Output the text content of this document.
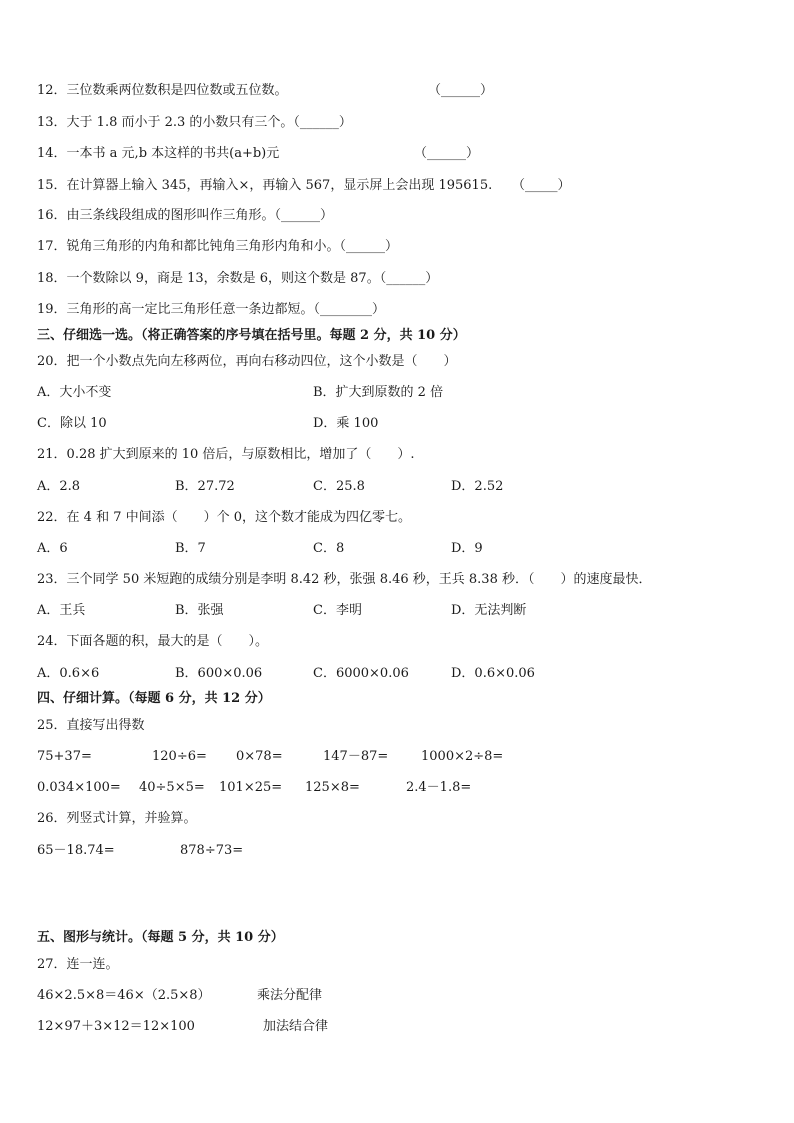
12．三位数乘两位数积是四位数或五位数。	（______）
13．大于 1.8 而小于 2.3 的小数只有三个。（______）
14．一本书 a 元,b 本这样的书共(a+b)元	（______）
15．在计算器上输入 345，再输入×，再输入 567，显示屏上会出现 195615. （_____）
16．由三条线段组成的图形叫作三角形。（______）
17．锐角三角形的内角和都比钝角三角形内角和小。（______）
18．一个数除以 9，商是 13，余数是 6，则这个数是 87。（______）
19．三角形的高一定比三角形任意一条边都短。（________）
三、仔细选一选。（将正确答案的序号填在括号里。每题 2 分，共 10 分）
20．把一个小数点先向左移两位，再向右移动四位，这个小数是（　　）
A．大小不变	B．扩大到原数的 2 倍
C．除以 10	D．乘 100
21．0.28 扩大到原来的 10 倍后，与原数相比，增加了（　　）.
A．2.8	B．27.72	C．25.8	D．2.52
22．在 4 和 7 中间添（　　）个 0，这个数才能成为四亿零七。
A．6	B．7	C．8	D．9
23．三个同学 50 米短跑的成绩分别是李明 8.42 秒，张强 8.46 秒，王兵 8.38 秒．（　　）的速度最快．
A．王兵	B．张强	C．李明	D．无法判断
24．下面各题的积，最大的是（　　）。
A．0.6×6	B．600×0.06	C．6000×0.06	D．0.6×0.06
四、仔细计算。（每题 6 分，共 12 分）
25．直接写出得数
75+37=	120÷6= 0×78=	147－87=	1000×2÷8=
0.034×100= 40÷5×5= 101×25= 125×8=	2.4－1.8=
26．列竖式计算，并验算。
65－18.74=	878÷73=
五、图形与统计。（每题 5 分，共 10 分）
27．连一连。
46×2.5×8＝46×（2.5×8）	乘法分配律
12×97＋3×12＝12×100	加法结合律
